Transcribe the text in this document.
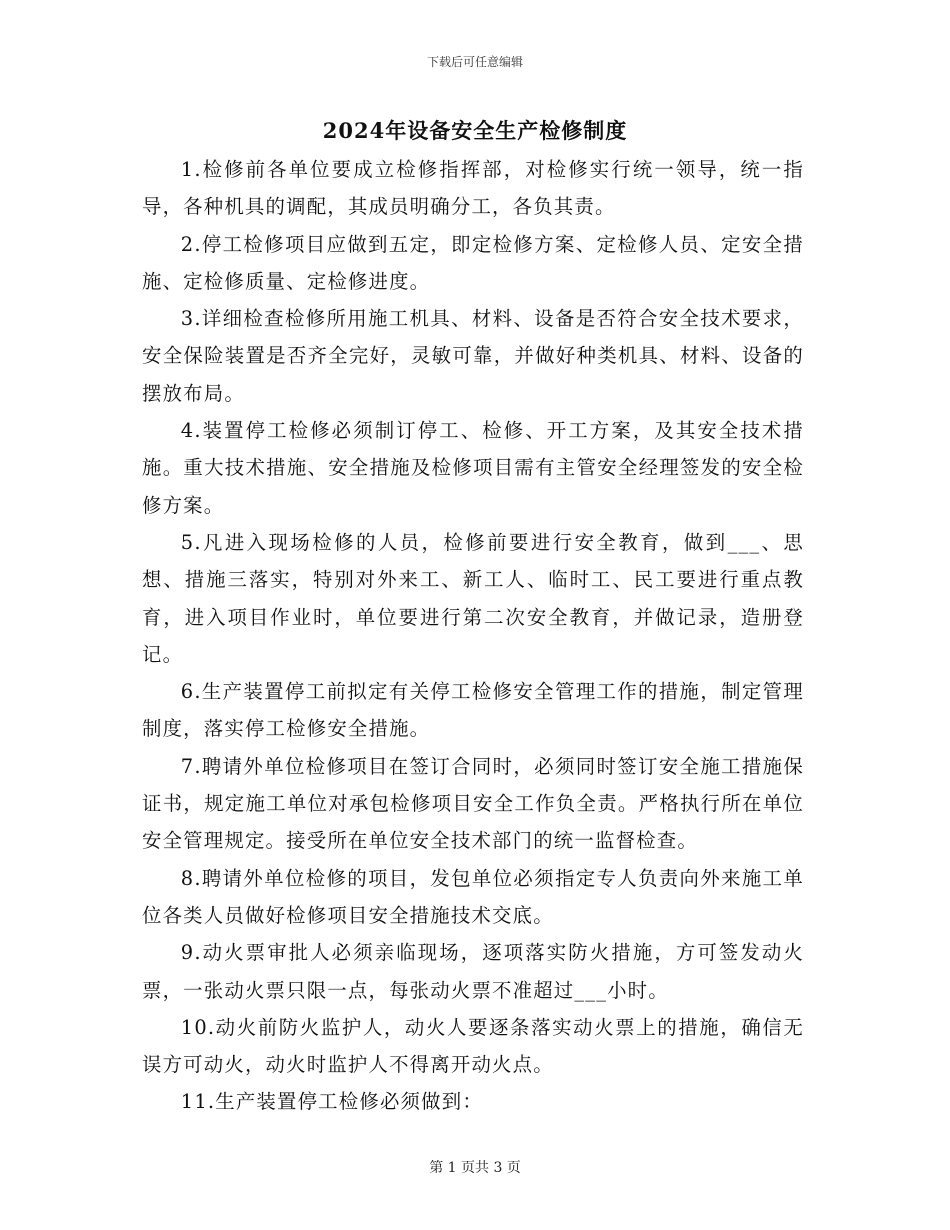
下载后可任意编辑
2024年设备安全生产检修制度

1.检修前各单位要成立检修指挥部，对检修实行统一领导，统一指导，各种机具的调配，其成员明确分工，各负其责。

2.停工检修项目应做到五定，即定检修方案、定检修人员、定安全措施、定检修质量、定检修进度。

3.详细检查检修所用施工机具、材料、设备是否符合安全技术要求，安全保险装置是否齐全完好，灵敏可靠，并做好种类机具、材料、设备的摆放布局。

4.装置停工检修必须制订停工、检修、开工方案，及其安全技术措施。重大技术措施、安全措施及检修项目需有主管安全经理签发的安全检修方案。

5.凡进入现场检修的人员，检修前要进行安全教育，做到___、思想、措施三落实，特别对外来工、新工人、临时工、民工要进行重点教育，进入项目作业时，单位要进行第二次安全教育，并做记录，造册登记。

6.生产装置停工前拟定有关停工检修安全管理工作的措施，制定管理制度，落实停工检修安全措施。

7.聘请外单位检修项目在签订合同时，必须同时签订安全施工措施保证书，规定施工单位对承包检修项目安全工作负全责。严格执行所在单位安全管理规定。接受所在单位安全技术部门的统一监督检查。

8.聘请外单位检修的项目，发包单位必须指定专人负责向外来施工单位各类人员做好检修项目安全措施技术交底。

9.动火票审批人必须亲临现场，逐项落实防火措施，方可签发动火票，一张动火票只限一点，每张动火票不准超过___小时。

10.动火前防火监护人，动火人要逐条落实动火票上的措施，确信无误方可动火，动火时监护人不得离开动火点。

11.生产装置停工检修必须做到：

第 1 页共 3 页
